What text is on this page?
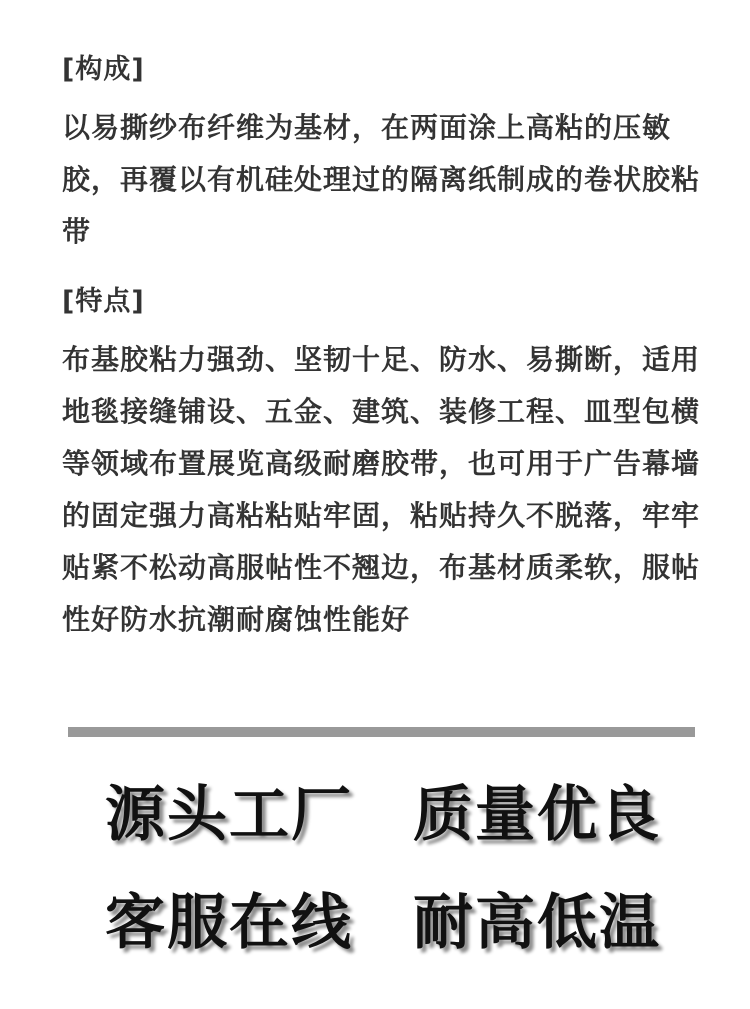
[构成]

以易撕纱布纤维为基材，在两面涂上高粘的压敏胶，再覆以有机硅处理过的隔离纸制成的卷状胶粘带

[特点]

布基胶粘力强劲、坚韧十足、防水、易撕断，适用地毯接缝铺设、五金、建筑、装修工程、皿型包横等领域布置展览高级耐磨胶带，也可用于广告幕墙的固定强力高粘粘贴牢固，粘贴持久不脱落，牢牢贴紧不松动高服帖性不翘边，布基材质柔软，服帖性好防水抗潮耐腐蚀性能好

源头工厂 质量优良
客服在线 耐高低温
